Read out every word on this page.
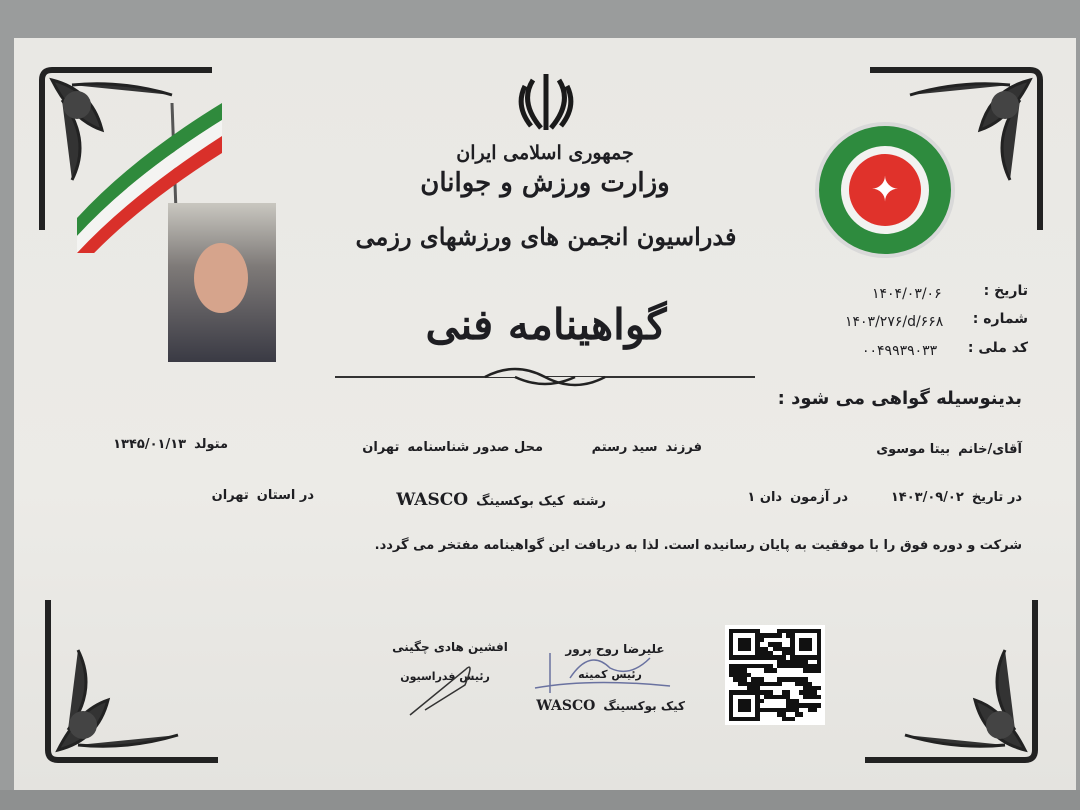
جمهوری اسلامی ایران
وزارت ورزش و جوانان
فدراسیون انجمن های ورزشهای رزمی
✦
تاریخ :
۱۴۰۴/۰۳/۰۶
شماره :
۱۴۰۳/۲۷۶/d/۶۶۸
کد ملی :
۰۰۴۹۹۳۹۰۳۳
گواهینامه فنی
بدینوسیله گواهی می شود :
آقای/خانم
بیتا موسوی
فرزند
سید رستم
محل صدور شناسنامه
تهران
متولد
۱۳۴۵/۰۱/۱۳
در تاریخ
۱۴۰۳/۰۹/۰۲
در آزمون
دان ۱
رشته
کیک بوکسینگ
WASCO
در استان
تهران
شرکت و دوره فوق را با موفقیت به پایان رسانیده است. لذا به دریافت این گواهینامه مفتخر می گردد.
افشین هادی چگینی
رئیس فدراسیون
علیرضا روح پرور
رئیس کمیته
کیک بوکسینگ
WASCO
